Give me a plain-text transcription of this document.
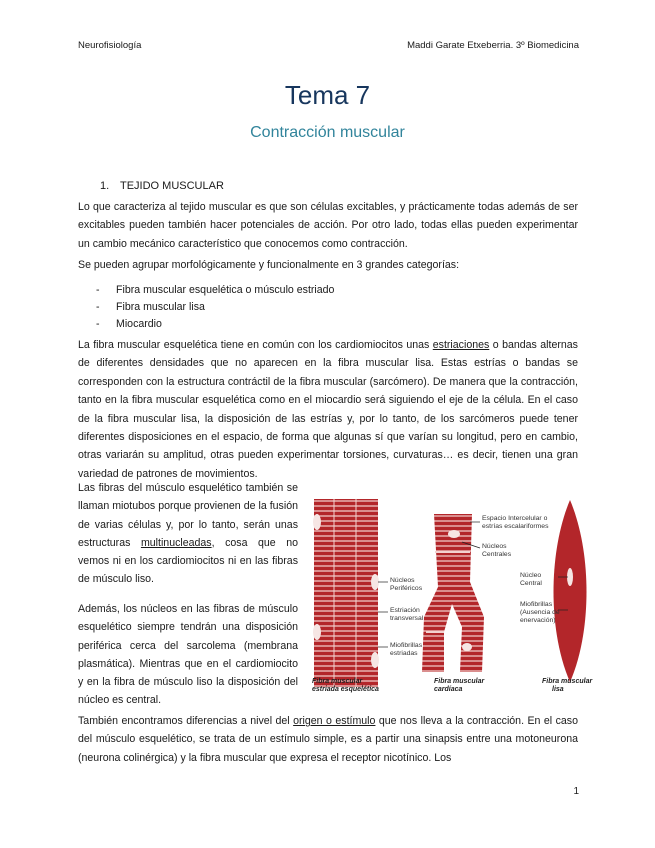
Neurofisiología	Maddi Garate Etxeberria. 3º Biomedicina
Tema 7
Contracción muscular
1. TEJIDO MUSCULAR

Lo que caracteriza al tejido muscular es que son células excitables, y prácticamente todas además de ser excitables pueden también hacer potenciales de acción. Por otro lado, todas ellas pueden experimentar un cambio mecánico característico que conocemos como contracción.

Se pueden agrupar morfológicamente y funcionalmente en 3 grandes categorías:

- Fibra muscular esquelética o músculo estriado
- Fibra muscular lisa
- Miocardio

La fibra muscular esquelética tiene en común con los cardiomiocitos unas estriaciones o bandas alternas de diferentes densidades que no aparecen en la fibra muscular lisa. Estas estrías o bandas se corresponden con la estructura contráctil de la fibra muscular (sarcómero). De manera que la contracción, tanto en la fibra muscular esquelética como en el miocardio será siguiendo el eje de la célula. En el caso de la fibra muscular lisa, la disposición de las estrías y, por lo tanto, de los sarcómeros puede tener diferentes disposiciones en el espacio, de forma que algunas sí que varían su longitud, pero en cambio, otras variarán su amplitud, otras pueden experimentar torsiones, curvaturas… es decir, tienen una gran variedad de patrones de movimientos.

Las fibras del músculo esquelético también se llaman miotubos porque provienen de la fusión de varias células y, por lo tanto, serán unas estructuras multinucleadas, cosa que no vemos ni en los cardiomiocitos ni en las fibras de músculo liso.

Además, los núcleos en las fibras de músculo esquelético siempre tendrán una disposición periférica cerca del sarcolema (membrana plasmática). Mientras que en el cardiomiocito y en la fibra de músculo liso la disposición del núcleo es central.

Núcleos Periféricos
Estriación transversal
Miofibrillas estriadas
Fibra muscular estriada esquelética
Espacio Intercelular o estrías escalariformes
Núcleos Centrales
Fibra muscular cardíaca
Núcleo Central
Miofibrillas (Ausencia de enervación)
Fibra muscular lisa

También encontramos diferencias a nivel del origen o estímulo que nos lleva a la contracción. En el caso del músculo esquelético, se trata de un estímulo simple, es a partir una sinapsis entre una motoneurona (neurona colinérgica) y la fibra muscular que expresa el receptor nicotínico. Los

1
